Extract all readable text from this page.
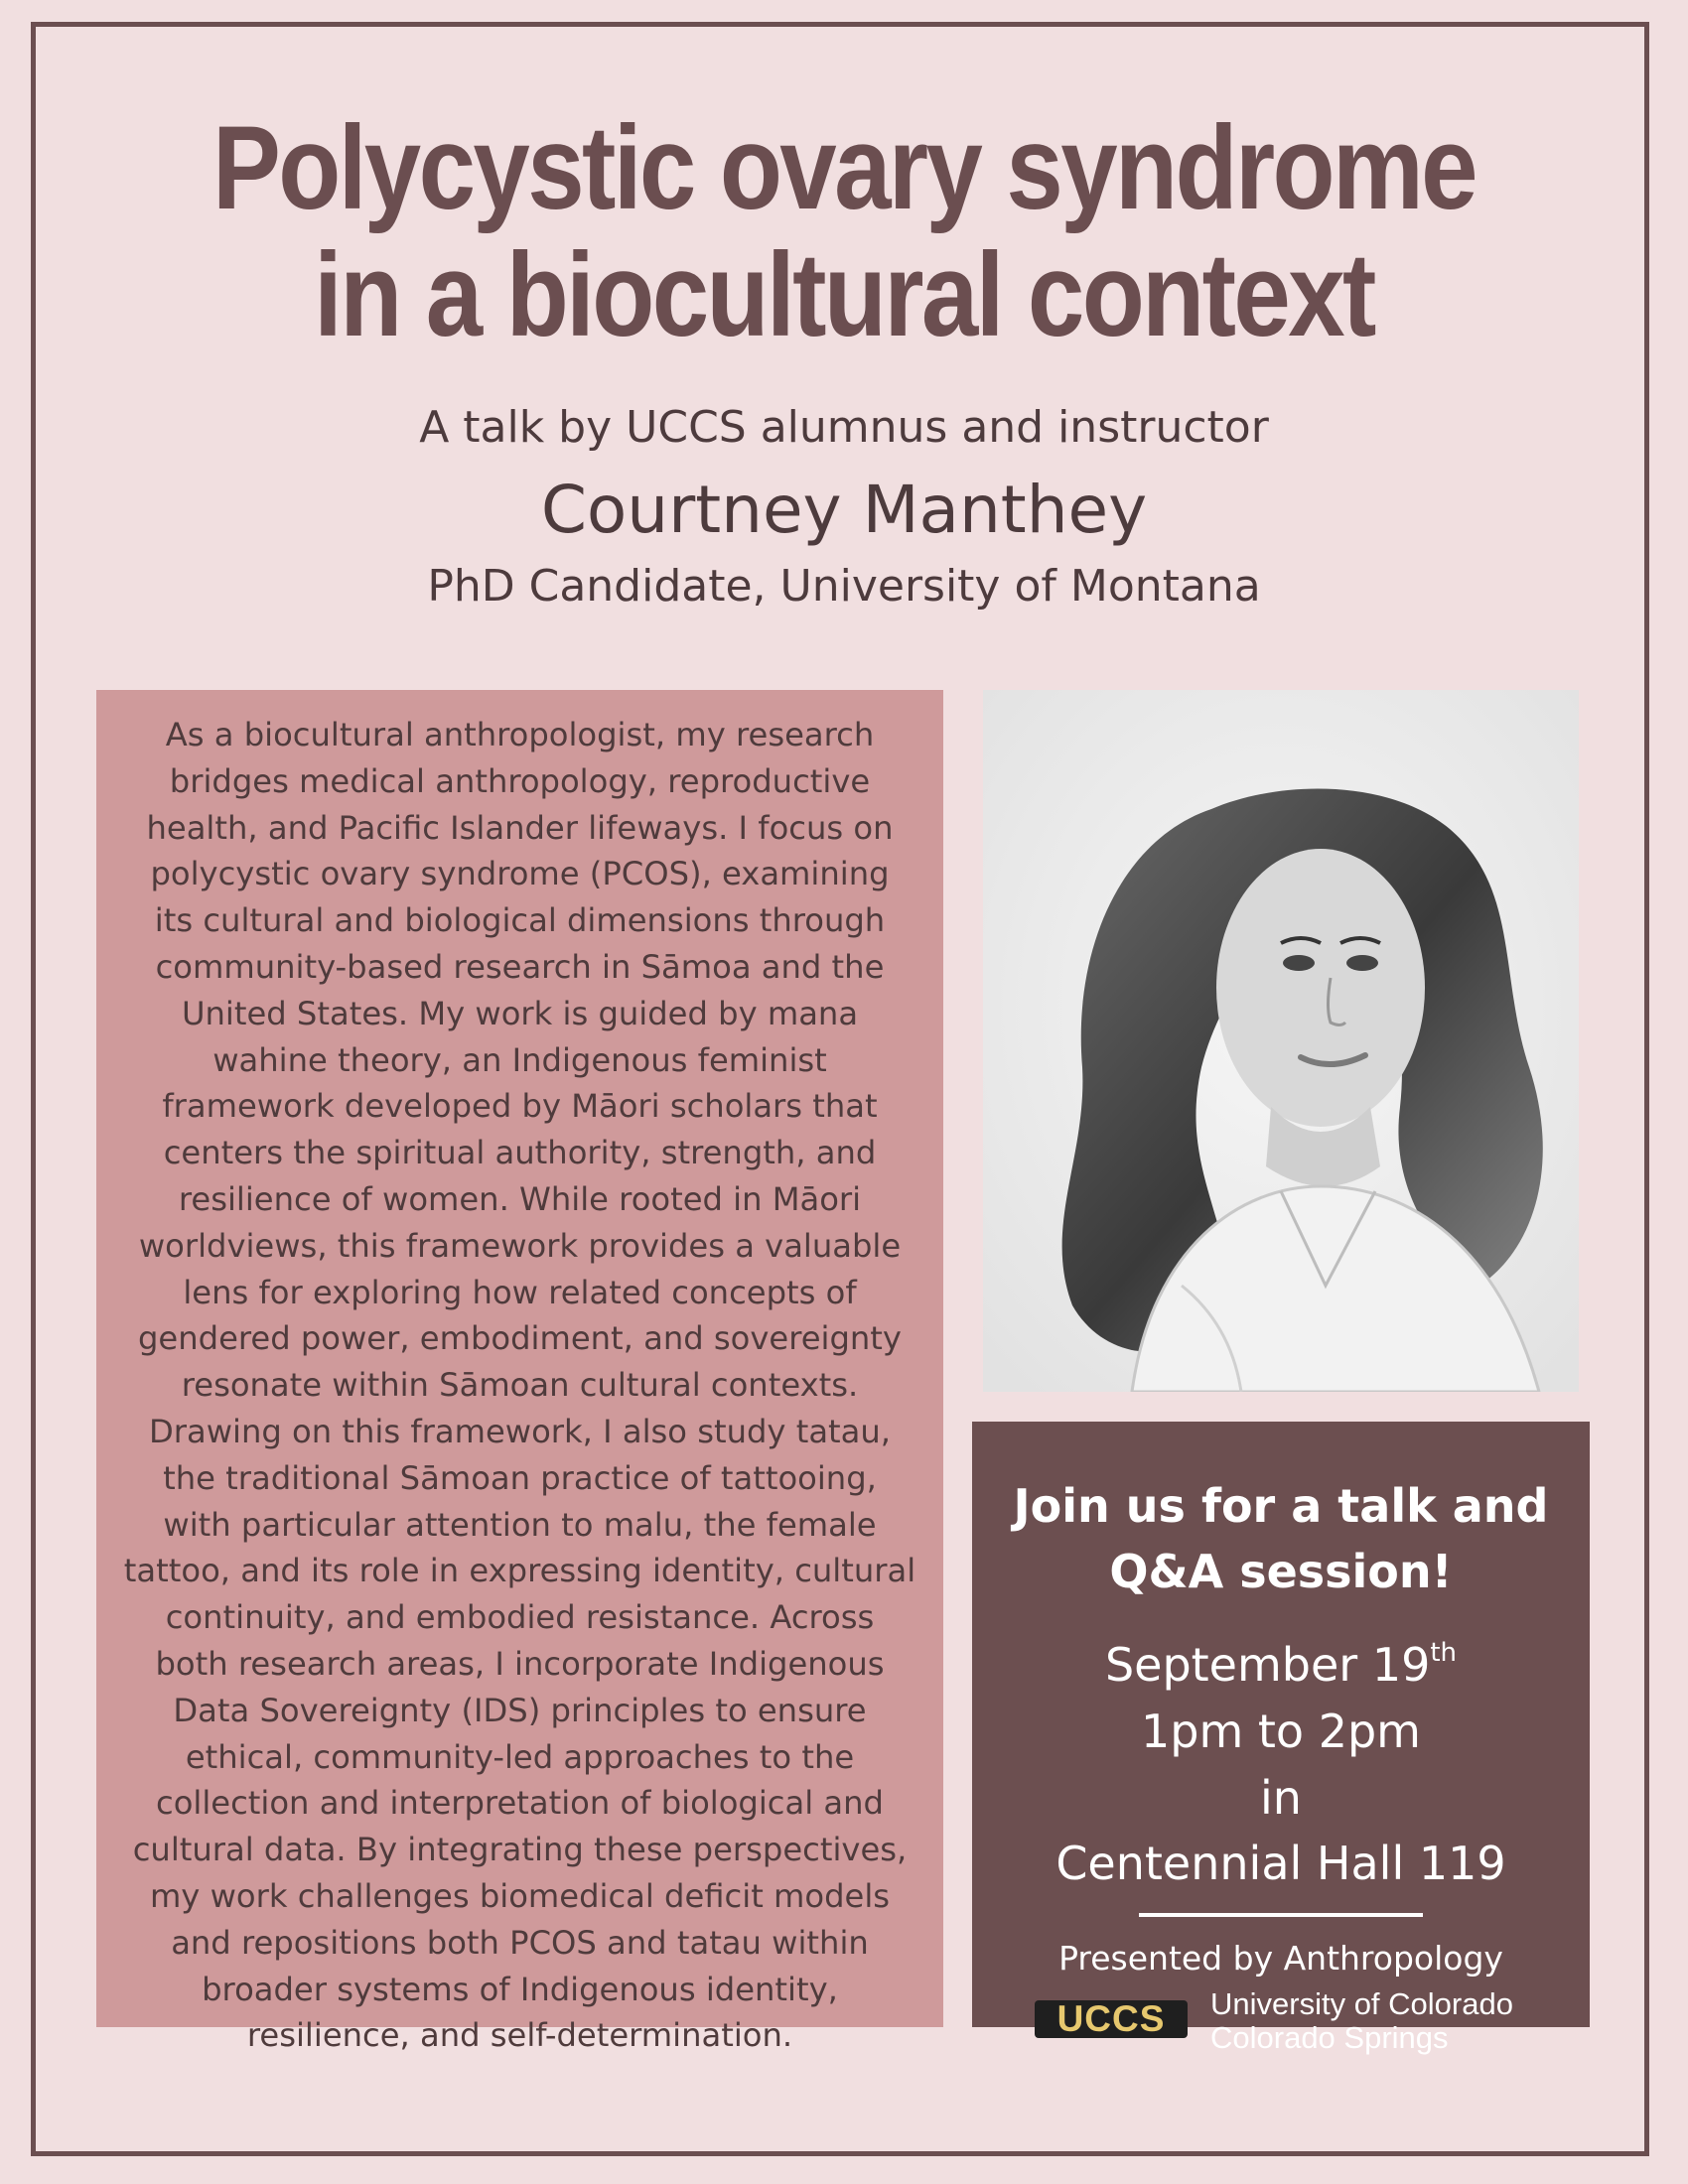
Polycystic ovary syndrome
in a biocultural context

A talk by UCCS alumnus and instructor

Courtney Manthey

PhD Candidate, University of Montana

As a biocultural anthropologist, my research
bridges medical anthropology, reproductive
health, and Pacific Islander lifeways. I focus on
polycystic ovary syndrome (PCOS), examining
its cultural and biological dimensions through
community-based research in Sāmoa and the
United States. My work is guided by mana
wahine theory, an Indigenous feminist
framework developed by Māori scholars that
centers the spiritual authority, strength, and
resilience of women. While rooted in Māori
worldviews, this framework provides a valuable
lens for exploring how related concepts of
gendered power, embodiment, and sovereignty
resonate within Sāmoan cultural contexts.
Drawing on this framework, I also study tatau,
the traditional Sāmoan practice of tattooing,
with particular attention to malu, the female
tattoo, and its role in expressing identity, cultural
continuity, and embodied resistance. Across
both research areas, I incorporate Indigenous
Data Sovereignty (IDS) principles to ensure
ethical, community-led approaches to the
collection and interpretation of biological and
cultural data. By integrating these perspectives,
my work challenges biomedical deficit models
and repositions both PCOS and tatau within
broader systems of Indigenous identity,
resilience, and self-determination.
Join us for a talk and
Q&A session!

September 19th

1pm to 2pm

in

Centennial Hall 119

Presented by Anthropology

UCCS	University of Colorado
Colorado Springs
